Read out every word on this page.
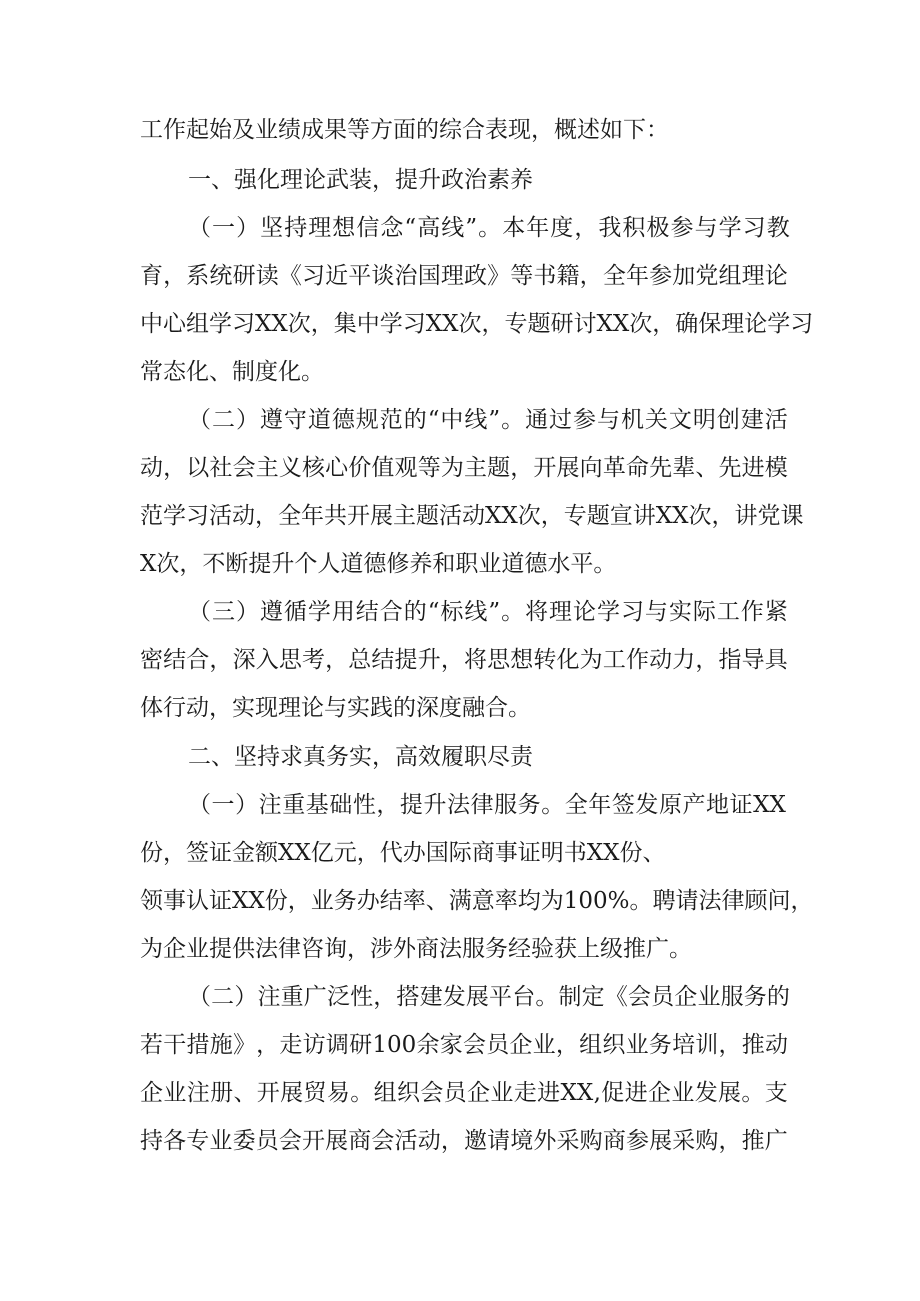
工作起始及业绩成果等方面的综合表现，概述如下：

一、强化理论武装，提升政治素养

（ 一 ） 坚 持 理 想 信 念 “ 高 线 ” 。 本 年 度 ， 我 积 极 参 与 学 习 教

育 ， 系 统 研 读 《 习 近 平 谈 治 国 理 政 》 等 书 籍 ， 全 年 参 加 党 组 理 论

中 心 组 学 习 XX 次 ， 集 中 学 习 XX 次 ， 专 题 研 讨 XX 次 ， 确 保 理 论 学 习

常态化、制度化。

（ 二 ） 遵 守 道 德 规 范 的 “ 中 线 ” 。 通 过 参 与 机 关 文 明 创 建 活

动 ， 以 社 会 主 义 核 心 价 值 观 等 为 主 题 ， 开 展 向 革 命 先 辈 、 先 进 模

范 学 习 活 动 ， 全 年 共 开 展 主 题 活 动 XX 次 ， 专 题 宣 讲 XX 次 ， 讲 党 课

X次，不断提升个人道德修养和职业道德水平。

（ 三 ） 遵 循 学 用 结 合 的 “ 标 线 ” 。 将 理 论 学 习 与 实 际 工 作 紧

密 结 合 ， 深 入 思 考 ， 总 结 提 升 ， 将 思 想 转 化 为 工 作 动 力 ， 指 导 具

体行动，实现理论与实践的深度融合。

二、坚持求真务实，高效履职尽责

（ 一 ） 注 重 基 础 性 ， 提 升 法 律 服 务 。 全 年 签 发 原 产 地 证 XX

份，签证金额XX亿元，代办国际商事证明书XX份、

领 事 认 证 XX 份 ， 业 务 办 结 率 、 满 意 率 均 为 100% 。 聘 请 法 律 顾 问 ，

为企业提供法律咨询，涉外商法服务经验获上级推广。

（ 二 ） 注 重 广 泛 性 ， 搭 建 发 展 平 台 。 制 定 《 会 员 企 业 服 务 的

若 干 措 施 》 ， 走 访 调 研 100 余 家 会 员 企 业 ， 组 织 业 务 培 训 ， 推 动

企 业 注 册 、 开 展 贸 易 。 组 织 会 员 企 业 走 进 XX , 促 进 企 业 发 展 。 支

持 各 专 业 委 员 会 开 展 商 会 活 动 ， 邀 请 境 外 采 购 商 参 展 采 购 ， 推 广
